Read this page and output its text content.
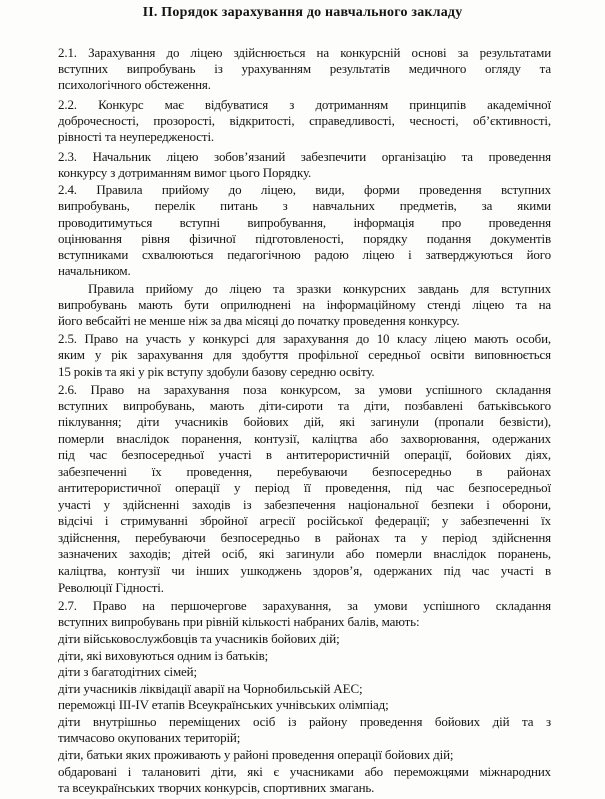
ІІ. Порядок зарахування до навчального закладу
2.1. Зарахування до ліцею здійснюється на конкурсній основі за результатами
вступних випробувань із урахуванням результатів медичного огляду та
психологічного обстеження.
2.2. Конкурс має відбуватися з дотриманням принципів академічної
доброчесності, прозорості, відкритості, справедливості, чесності, об’єктивності,
рівності та неупередженості.
2.3. Начальник ліцею зобов’язаний забезпечити організацію та проведення
конкурсу з дотриманням вимог цього Порядку.
2.4. Правила прийому до ліцею, види, форми проведення вступних
випробувань, перелік питань з навчальних предметів, за якими
проводитимуться вступні випробування, інформація про проведення
оцінювання рівня фізичної підготовленості, порядку подання документів
вступниками схвалюються педагогічною радою ліцею і затверджуються його
начальником.
Правила прийому до ліцею та зразки конкурсних завдань для вступних
випробувань мають бути оприлюднені на інформаційному стенді ліцею та на
його вебсайті не менше ніж за два місяці до початку проведення конкурсу.
2.5. Право на участь у конкурсі для зарахування до 10 класу ліцею мають особи,
яким у рік зарахування для здобуття профільної середньої освіти виповнюється
15 років та які у рік вступу здобули базову середню освіту.
2.6. Право на зарахування поза конкурсом, за умови успішного складання
вступних випробувань, мають діти-сироти та діти, позбавлені батьківського
піклування; діти учасників бойових дій, які загинули (пропали безвісти),
померли внаслідок поранення, контузії, каліцтва або захворювання, одержаних
під час безпосередньої участі в антитерористичній операції, бойових діях,
забезпеченні їх проведення, перебуваючи безпосередньо в районах
антитерористичної операції у період її проведення, під час безпосередньої
участі у здійсненні заходів із забезпечення національної безпеки і оборони,
відсічі і стримуванні збройної агресії російської федерації; у забезпеченні їх
здійснення, перебуваючи безпосередньо в районах та у період здійснення
зазначених заходів; дітей осіб, які загинули або померли внаслідок поранень,
каліцтва, контузії чи інших ушкоджень здоров’я, одержаних під час участі в
Революції Гідності.
2.7. Право на першочергове зарахування, за умови успішного складання
вступних випробувань при рівній кількості набраних балів, мають:
діти військовослужбовців та учасників бойових дій;
діти, які виховуються одним із батьків;
діти з багатодітних сімей;
діти учасників ліквідації аварії на Чорнобильській АЕС;
переможці ІІІ-ІV етапів Всеукраїнських учнівських олімпіад;
діти внутрішньо переміщених осіб із району проведення бойових дій та з
тимчасово окупованих територій;
діти, батьки яких проживають у районі проведення операції бойових дій;
обдаровані і талановиті діти, які є учасниками або переможцями міжнародних
та всеукраїнських творчих конкурсів, спортивних змагань.
